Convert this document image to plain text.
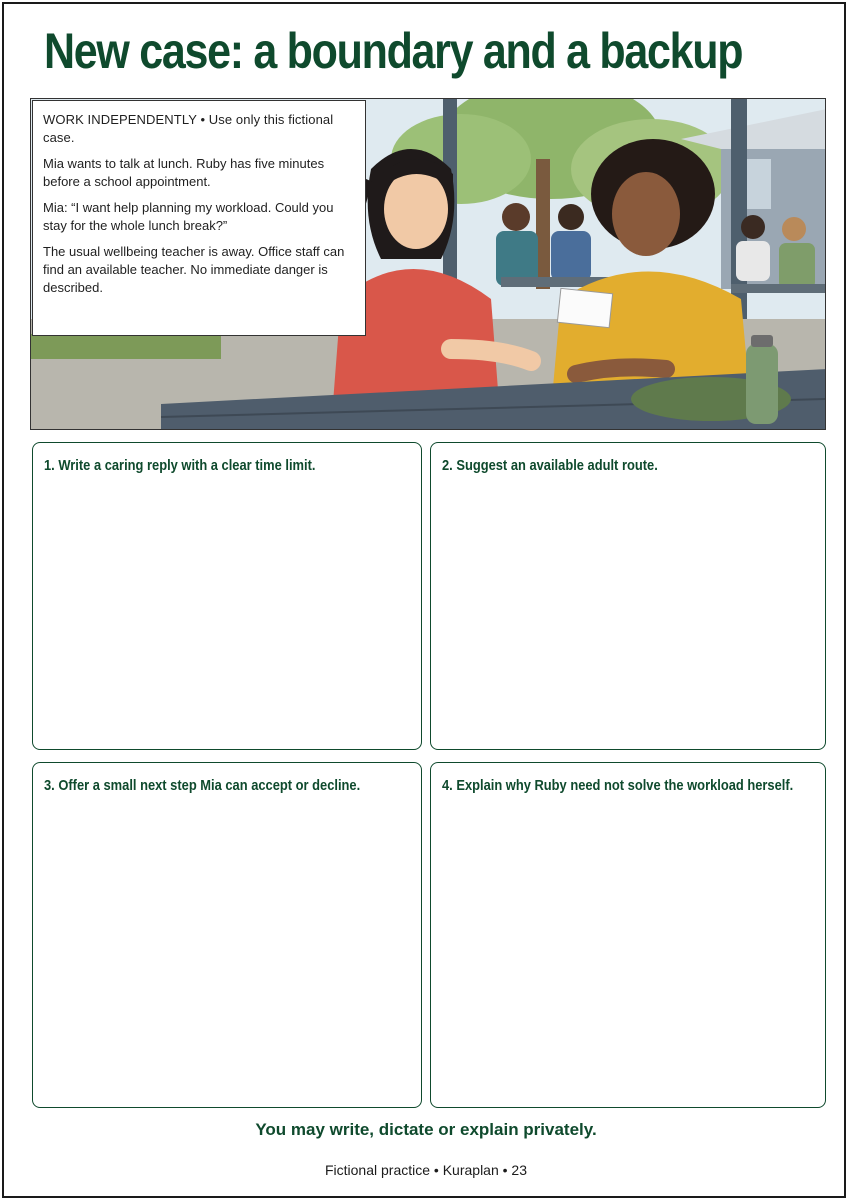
New case: a boundary and a backup

WORK INDEPENDENTLY • Use only this fictional case.

Mia wants to talk at lunch. Ruby has five minutes before a school appointment.

Mia: “I want help planning my workload. Could you stay for the whole lunch break?”

The usual wellbeing teacher is away. Office staff can find an available teacher. No immediate danger is described.

1. Write a caring reply with a clear time limit.	2. Suggest an available adult route.
3. Offer a small next step Mia can accept or decline.	4. Explain why Ruby need not solve the workload herself.
You may write, dictate or explain privately.
Fictional practice • Kuraplan • 23
